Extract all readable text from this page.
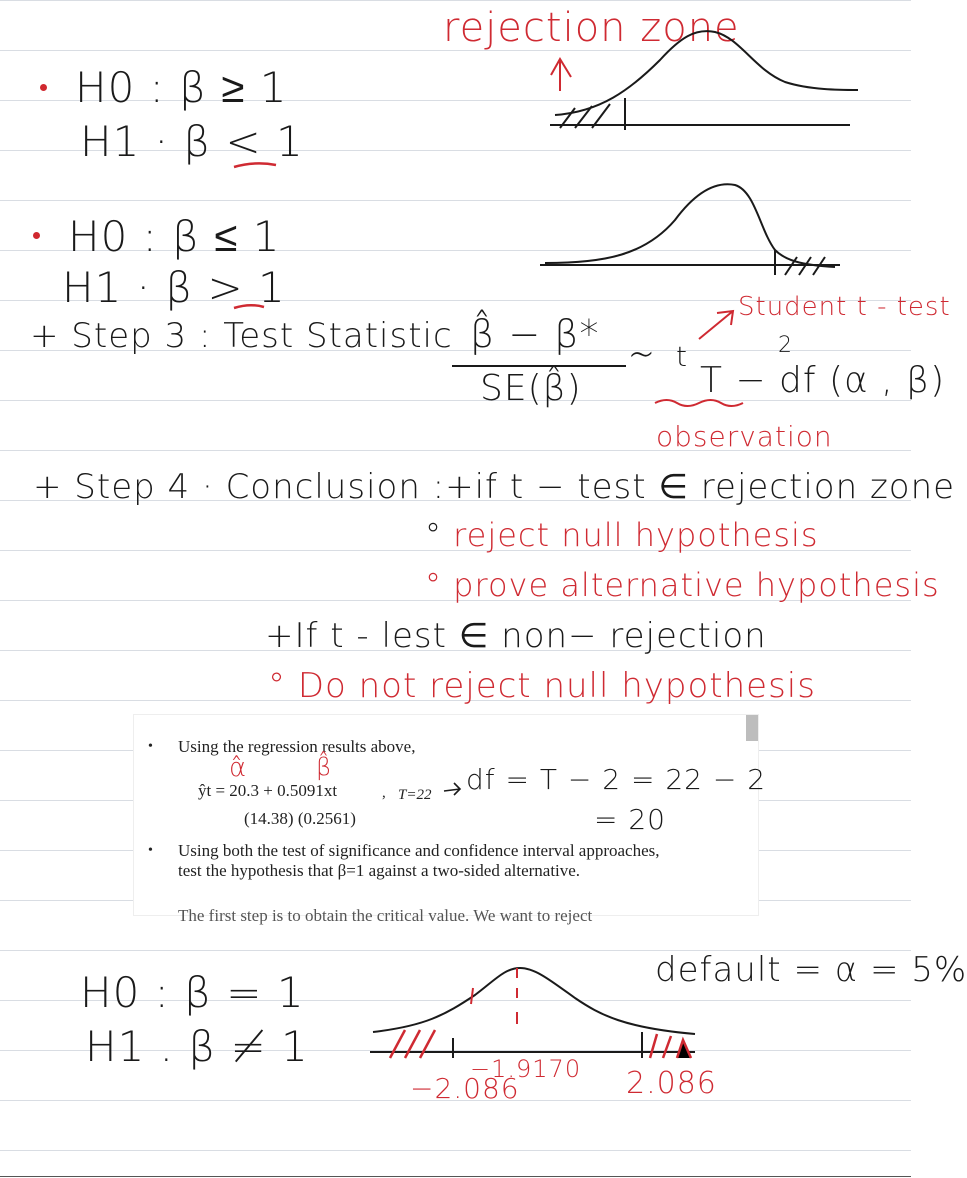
H0 : β ≥ 1
H1 · β < 1
rejection zone
H0 : β ≤ 1
H1 · β > 1
+ Step 3 : Test Statistic β̂ − β*
SE(β̂)
∼ t
T − df (α , β)
2
Student t - test
observation
+ Step 4 · Conclusion :+if t − test ∈ rejection zone
° reject null hypothesis
° prove alternative hypothesis
+If t - lest ∈ non− rejection
° Do not reject null hypothesis
• Using the regression results above,
α̂	β̂
ŷt = 20.3 + 0.5091xt	, T=22 df = T − 2 = 22 − 2
= 20
(14.38) (0.2561)
• Using both the test of significance and confidence interval approaches,
test the hypothesis that β=1 against a two-sided alternative.
The first step is to obtain the critical value. We want to reject
H0 : β = 1
H1 . β ≠ 1
default = α = 5%
−2.086
−1.9170 2.086
